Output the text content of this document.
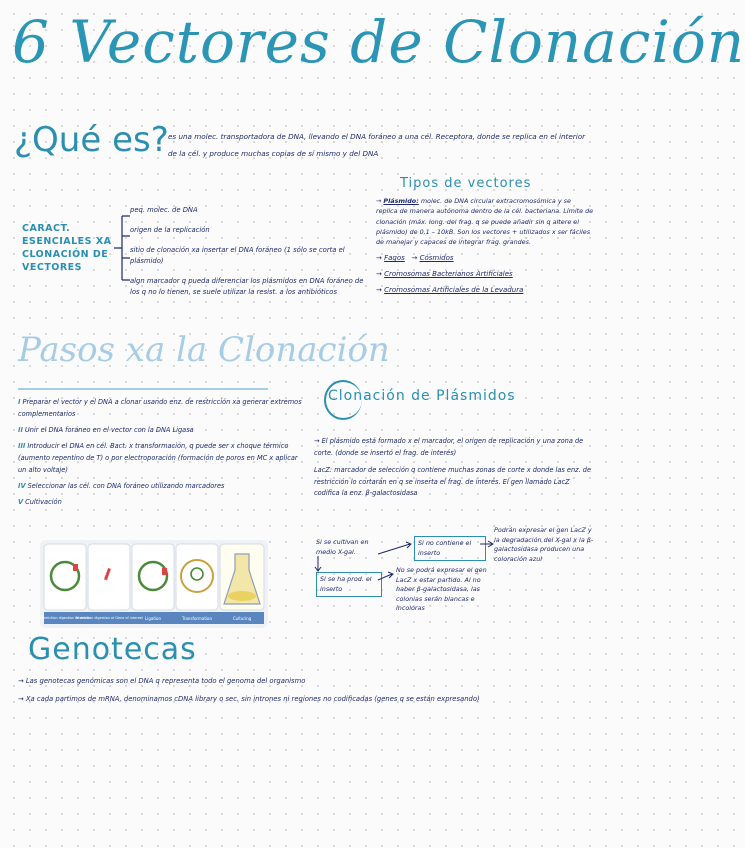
6 Vectores de Clonación
¿Qué es? es una molec. transportadora de DNA, llevando el DNA foráneo a una cél. Receptora, donde se replica en el interior de la cél. y produce muchas copias de sí mismo y del DNA
Tipos de vectores
→ Plásmido: molec. de DNA circular extracromosómica y se replica de manera autónoma dentro de la cél. bacteriana. Límite de clonación (máx. long. del frag. q se puede añadir sin q altere el plásmido) de 0,1 – 10kB. Son los vectores + utilizados x ser fáciles de manejar y capaces de integrar frag. grandes.
→ Fagos   → Cósmidos
→ Cromosomas Bacterianos Artificiales
→ Cromosomas Artificiales de la Levadura
CARACT. ESENCIALES XA CLONACIÓN DE VECTORES
peq. molec. de DNA
origen de la replicación
sitio de clonación xa insertar el DNA foráneo (1 sólo se corta el plásmido)
algn marcador q pueda diferenciar los plásmidos en DNA foráneo de los q no lo tienen, se suele utilizar la resist. a los antibióticos
Pasos xa la Clonación
I Preparar el vector y el DNA a clonar usando enz. de restricción xa generar extremos complementarios
II Unir el DNA foráneo en el vector con la DNA Ligasa
III Introducir el DNA en cél. Bact. x transformación, q puede ser x choque térmico (aumento repentino de T) o por electroporación (formación de poros en MC x aplicar un alto voltaje)
IV Seleccionar las cél. con DNA foráneo utilizando marcadores
V Cultivación
Restriction digestion of vector
Restriction digestion of Gene of interest Ligation	Transformation	Culturing
Clonación de Plásmidos
→ El plásmido está formado x el marcador, el origen de replicación y una zona de corte. (donde se insertó el frag. de interés)
LacZ: marcador de selección q contiene muchas zonas de corte x donde las enz. de restricción lo cortarán en q se inserta el frag. de interés. El gen llamado LacZ codifica la enz. β-galactosidasa
Si se cultivan en medio X-gal.
Si no contiene el inserto
Si se ha prod. el inserto
Podrán expresar el gen LacZ y la degradación del X-gal x la β-galactosidasa producen una coloración azul
No se podrá expresar el gen LacZ x estar partido. Al no haber β-galactosidasa, las colonias serán blancas e incoloras
Genotecas
→ Las genotecas genómicas son el DNA q representa todo el genoma del organismo
→ Xa cada partimos de mRNA, denominamos cDNA library o sec. sin intrones ni regiones no codificadas (genes q se están expresando)
